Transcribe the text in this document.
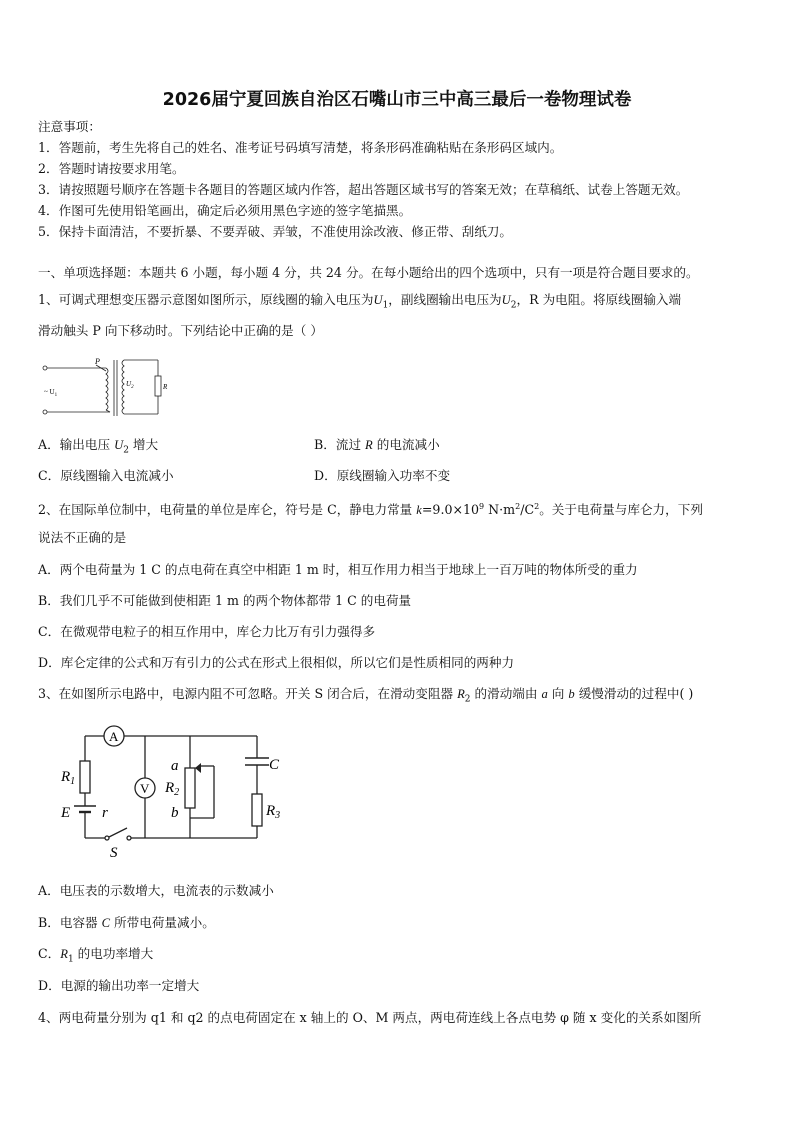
2026届宁夏回族自治区石嘴山市三中高三最后一卷物理试卷
注意事项：
1．答题前，考生先将自己的姓名、准考证号码填写清楚，将条形码准确粘贴在条形码区域内。
2．答题时请按要求用笔。
3．请按照题号顺序在答题卡各题目的答题区域内作答，超出答题区域书写的答案无效；在草稿纸、试卷上答题无效。
4．作图可先使用铅笔画出，确定后必须用黑色字迹的签字笔描黑。
5．保持卡面清洁，不要折暴、不要弄破、弄皱，不准使用涂改液、修正带、刮纸刀。
一、单项选择题：本题共 6 小题，每小题 4 分，共 24 分。在每小题给出的四个选项中，只有一项是符合题目要求的。
1、可调式理想变压器示意图如图所示，原线圈的输入电压为$U_1$，副线圈输出电压为$U_2$，R 为电阻。将原线圈输入端
滑动触头 P 向下移动时。下列结论中正确的是（ ）
P
~ $U_1$
$U_2$	R
A．输出电压 $U_2$ 增大	B．流过 R 的电流减小
C．原线圈输入电流减小	D．原线圈输入功率不变
2、在国际单位制中，电荷量的单位是库仑，符号是 C，静电力常量 $k=9.0\times 10^9$ $N\cdot m^2/C^2$。关于电荷量与库仑力，下列
说法不正确的是
A．两个电荷量为 1 C 的点电荷在真空中相距 1 m 时，相互作用力相当于地球上一百万吨的物体所受的重力
B．我们几乎不可能做到使相距 1 m 的两个物体都带 1 C 的电荷量
C．在微观带电粒子的相互作用中，库仑力比万有引力强得多
D．库仑定律的公式和万有引力的公式在形式上很相似，所以它们是性质相同的两种力
3、在如图所示电路中，电源内阻不可忽略。开关 S 闭合后，在滑动变阻器 $R_2$ 的滑动端由 a 向 b 缓慢滑动的过程中( )
A
V
$R_1$
E r
S
a
$R_2$
b
C
$R_3$
A．电压表的示数增大，电流表的示数减小
B．电容器 C 所带电荷量减小。
C．$R_1$ 的电功率增大
D．电源的输出功率一定增大
4、两电荷量分别为 q1 和 q2 的点电荷固定在 x 轴上的 O、M 两点，两电荷连线上各点电势 φ 随 x 变化的关系如图所
